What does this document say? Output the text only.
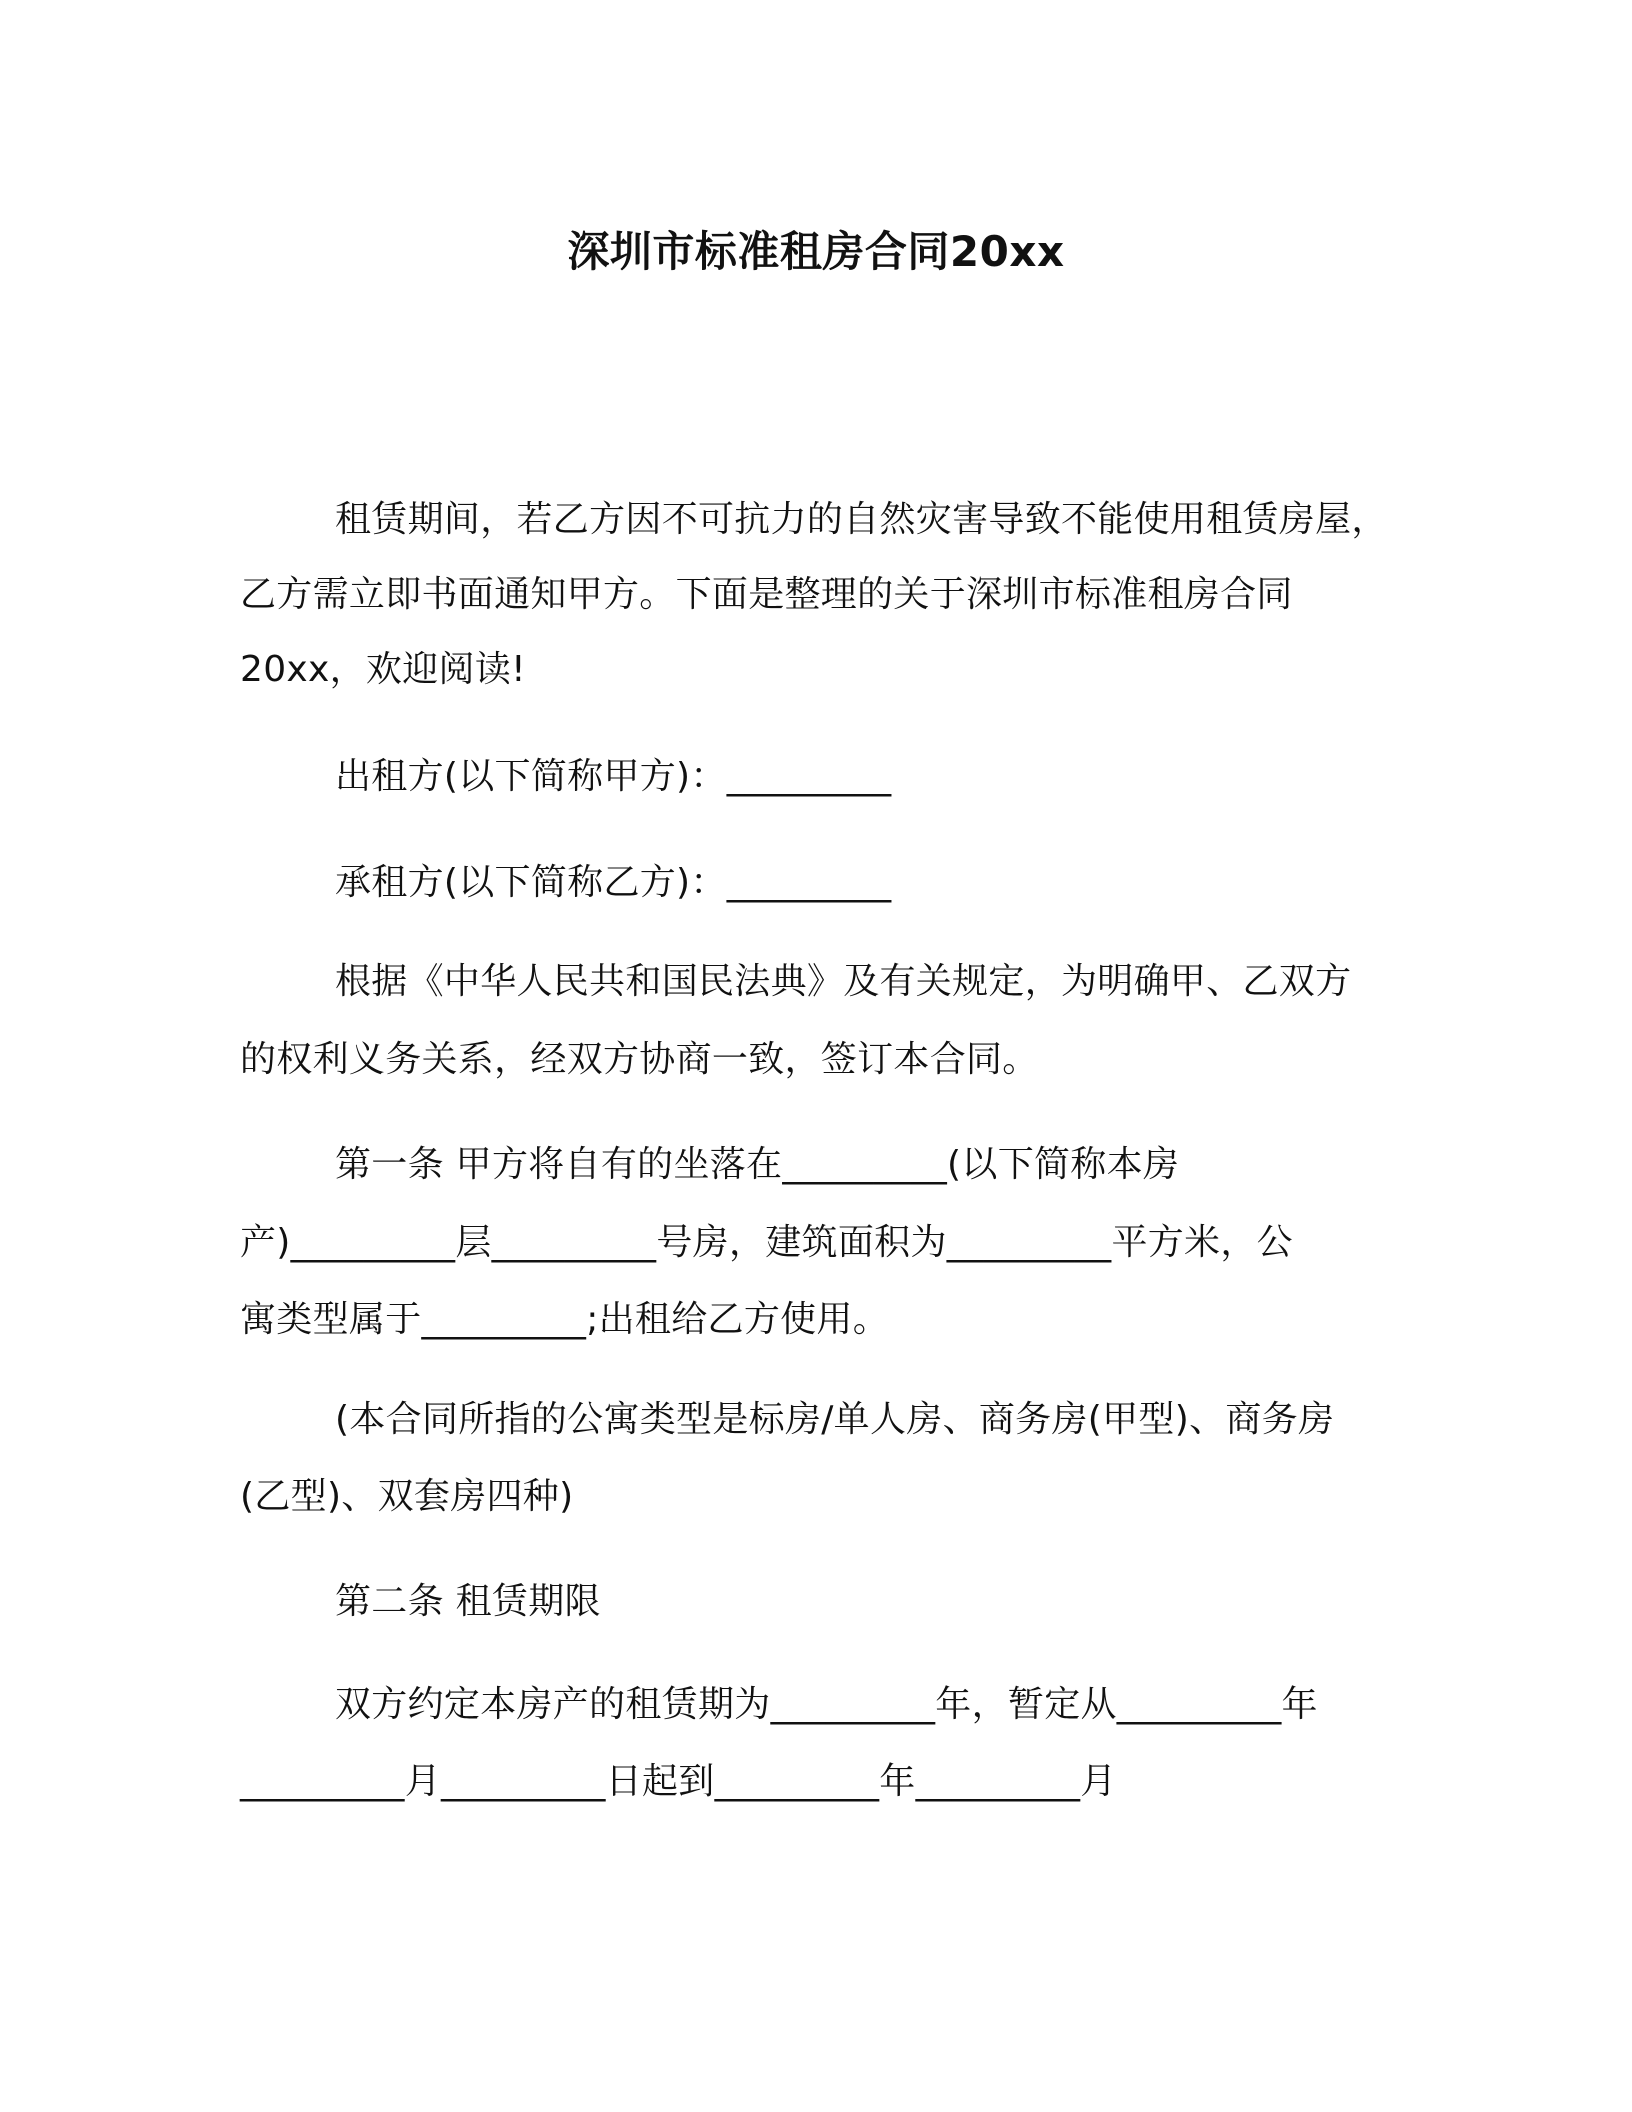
深圳市标准租房合同20xx
租赁期间，若乙方因不可抗力的自然灾害导致不能使用租赁房屋，
乙方需立即书面通知甲方。下面是整理的关于深圳市标准租房合同
20xx，欢迎阅读!
出租方(以下简称甲方)：_________
承租方(以下简称乙方)：_________
根据《中华人民共和国民法典》及有关规定，为明确甲、乙双方
的权利义务关系，经双方协商一致，签订本合同。
第一条 甲方将自有的坐落在_________(以下简称本房
产)_________层_________号房，建筑面积为_________平方米，公
寓类型属于_________;出租给乙方使用。
(本合同所指的公寓类型是标房/单人房、商务房(甲型)、商务房
(乙型)、双套房四种)
第二条 租赁期限
双方约定本房产的租赁期为_________年，暂定从_________年
_________月_________日起到_________年_________月
